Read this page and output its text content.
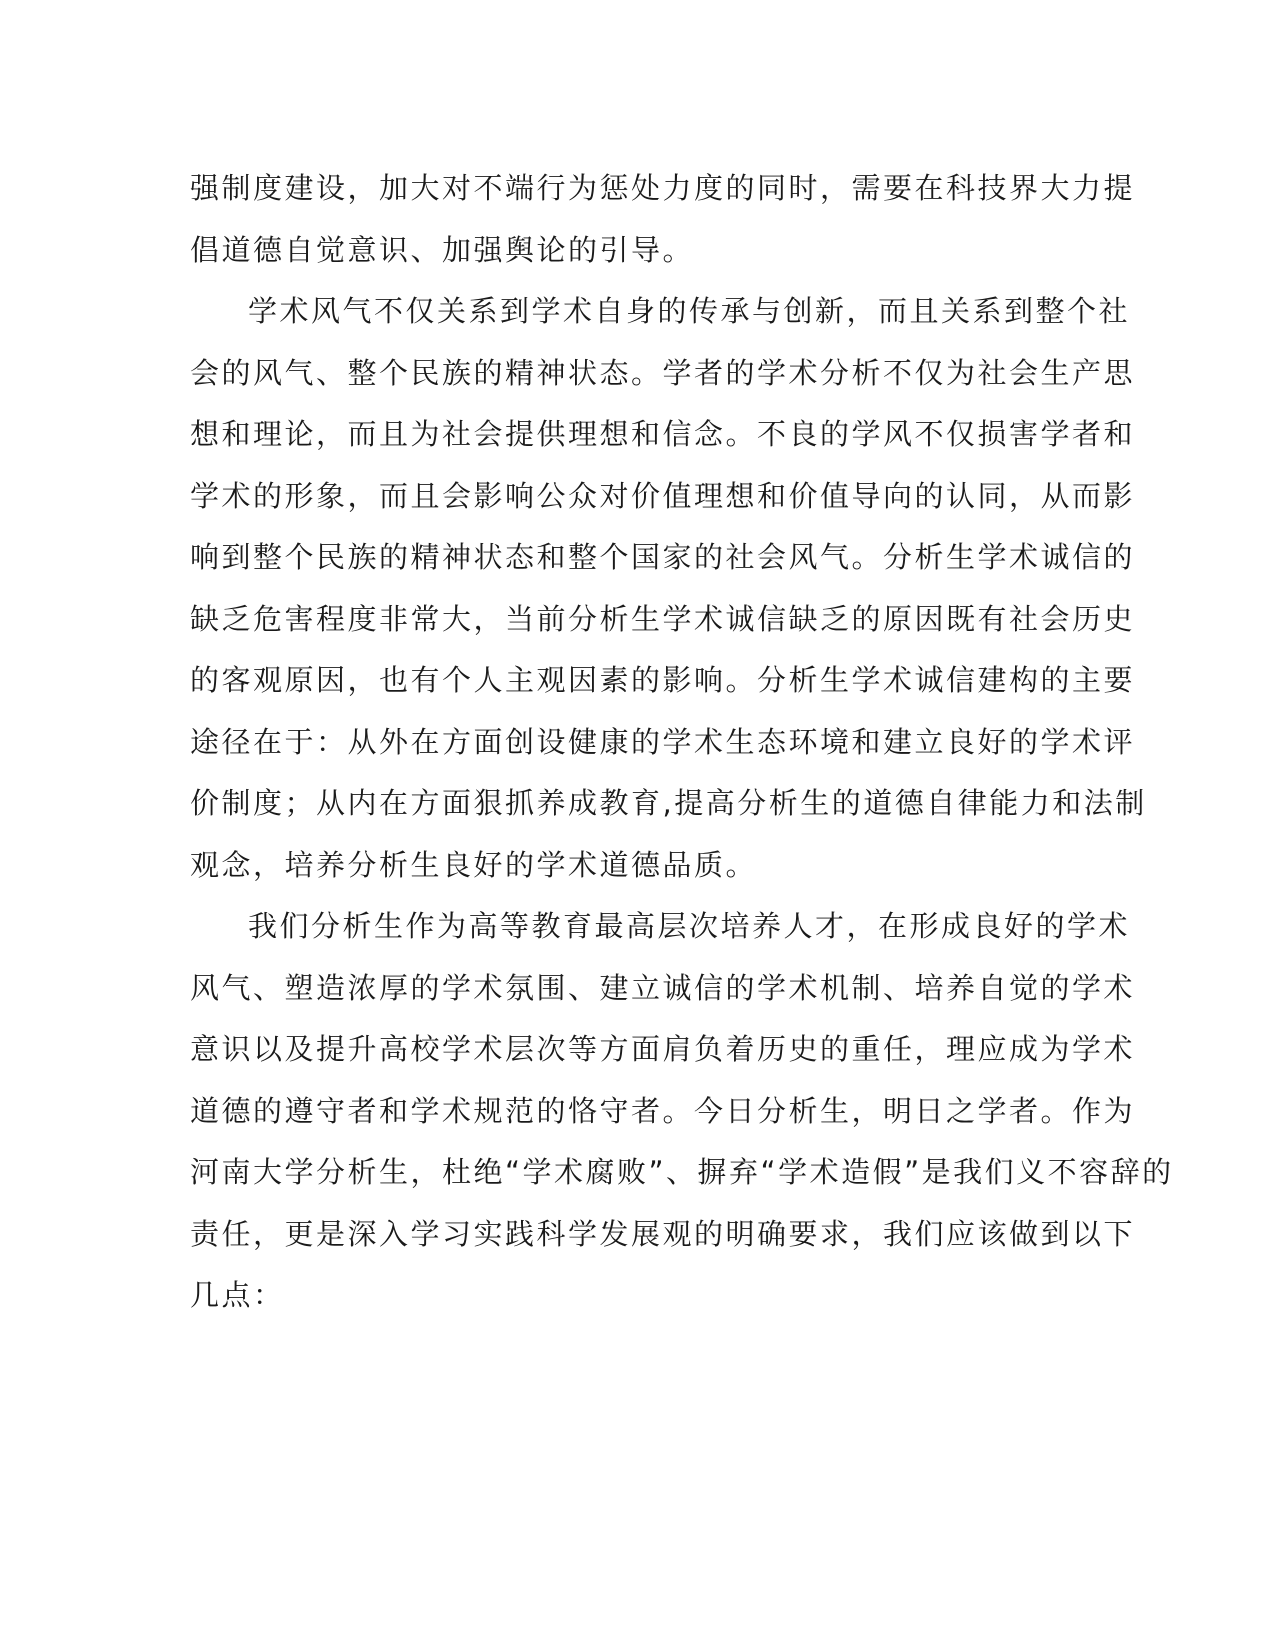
强制度建设，加大对不端行为惩处力度的同时，需要在科技界大力提
倡道德自觉意识、加强舆论的引导。

学术风气不仅关系到学术自身的传承与创新，而且关系到整个社
会的风气、整个民族的精神状态。学者的学术分析不仅为社会生产思
想和理论，而且为社会提供理想和信念。不良的学风不仅损害学者和
学术的形象，而且会影响公众对价值理想和价值导向的认同，从而影
响到整个民族的精神状态和整个国家的社会风气。分析生学术诚信的
缺乏危害程度非常大，当前分析生学术诚信缺乏的原因既有社会历史
的客观原因，也有个人主观因素的影响。分析生学术诚信建构的主要
途径在于：从外在方面创设健康的学术生态环境和建立良好的学术评
价制度；从内在方面狠抓养成教育,提高分析生的道德自律能力和法制
观念，培养分析生良好的学术道德品质。

我们分析生作为高等教育最高层次培养人才，在形成良好的学术
风气、塑造浓厚的学术氛围、建立诚信的学术机制、培养自觉的学术
意识以及提升高校学术层次等方面肩负着历史的重任，理应成为学术
道德的遵守者和学术规范的恪守者。今日分析生，明日之学者。作为
河南大学分析生，杜绝“学术腐败”、摒弃“学术造假”是我们义不容辞的
责任，更是深入学习实践科学发展观的明确要求，我们应该做到以下
几点：
